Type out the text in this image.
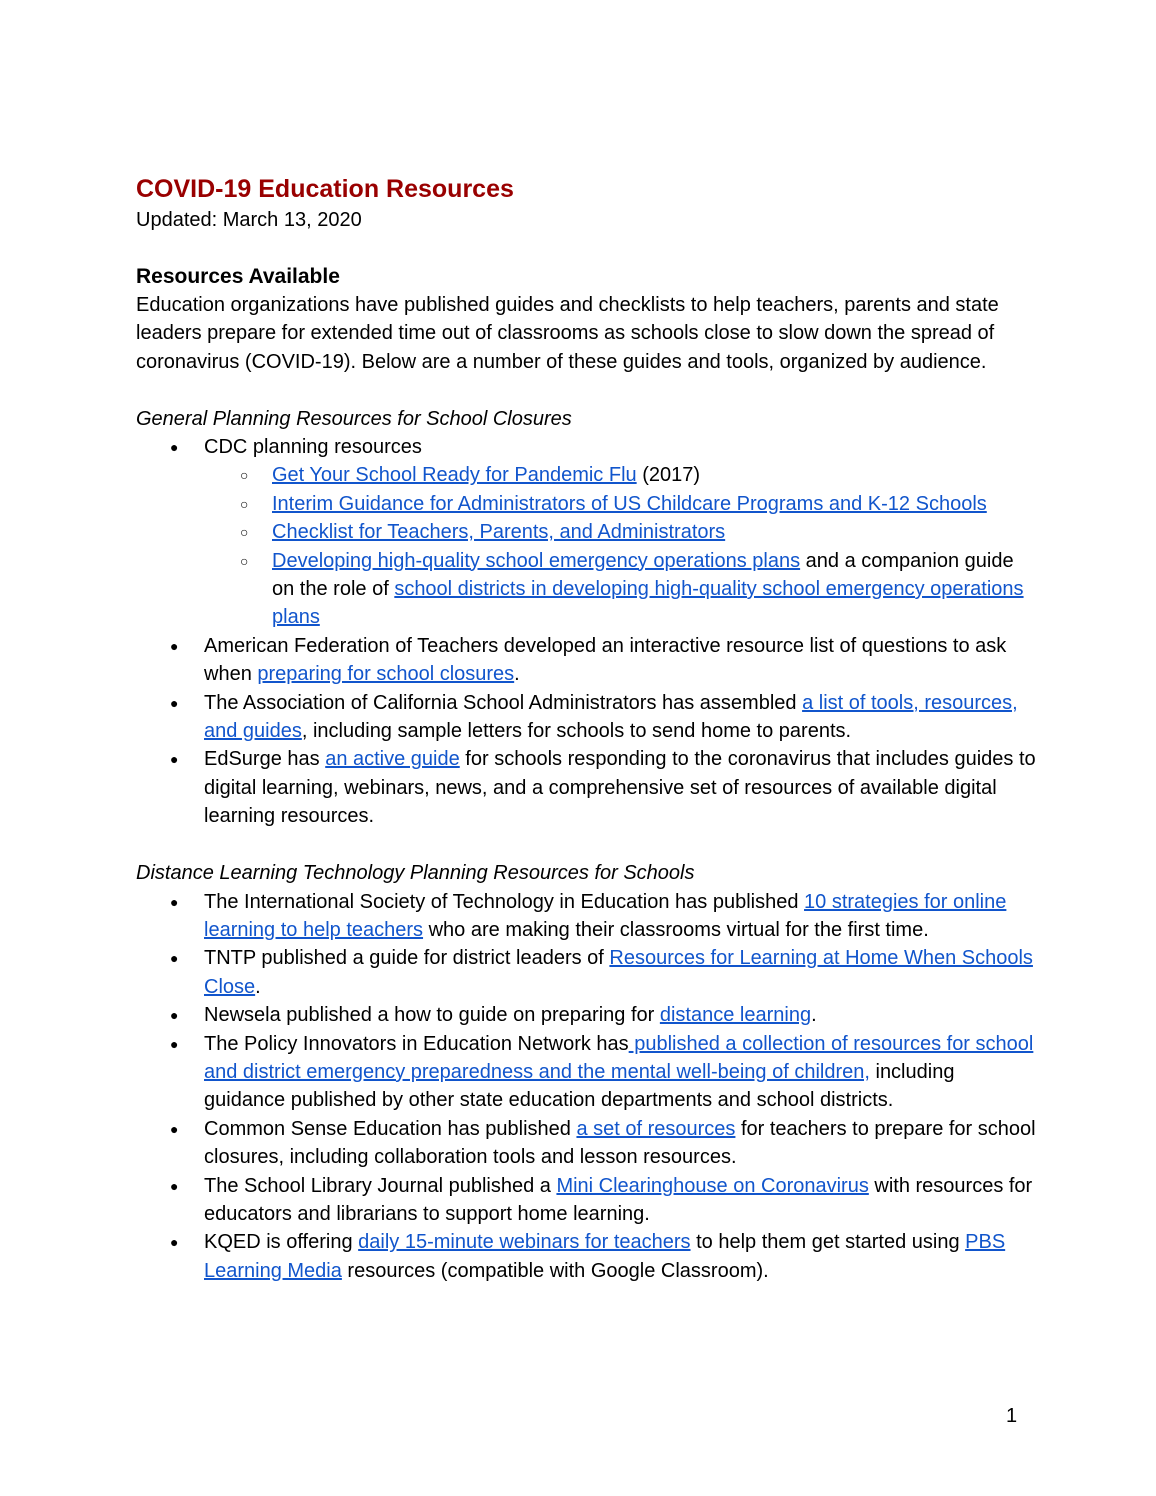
COVID-19 Education Resources

Updated: March 13, 2020

Resources Available

Education organizations have published guides and checklists to help teachers, parents and state leaders prepare for extended time out of classrooms as schools close to slow down the spread of coronavirus (COVID-19). Below are a number of these guides and tools, organized by audience.

General Planning Resources for School Closures

● CDC planning resources
○ Get Your School Ready for Pandemic Flu (2017)
○ Interim Guidance for Administrators of US Childcare Programs and K-12 Schools
○ Checklist for Teachers, Parents, and Administrators
○ Developing high-quality school emergency operations plans and a companion guide on the role of school districts in developing high-quality school emergency operations plans
● American Federation of Teachers developed an interactive resource list of questions to ask when preparing for school closures.
● The Association of California School Administrators has assembled a list of tools, resources, and guides, including sample letters for schools to send home to parents.
● EdSurge has an active guide for schools responding to the coronavirus that includes guides to digital learning, webinars, news, and a comprehensive set of resources of available digital learning resources.

Distance Learning Technology Planning Resources for Schools

● The International Society of Technology in Education has published 10 strategies for online learning to help teachers who are making their classrooms virtual for the first time.
● TNTP published a guide for district leaders of Resources for Learning at Home When Schools Close.
● Newsela published a how to guide on preparing for distance learning.
● The Policy Innovators in Education Network has published a collection of resources for school and district emergency preparedness and the mental well-being of children, including guidance published by other state education departments and school districts.
● Common Sense Education has published a set of resources for teachers to prepare for school closures, including collaboration tools and lesson resources.
● The School Library Journal published a Mini Clearinghouse on Coronavirus with resources for educators and librarians to support home learning.
● KQED is offering daily 15-minute webinars for teachers to help them get started using PBS Learning Media resources (compatible with Google Classroom).
1
